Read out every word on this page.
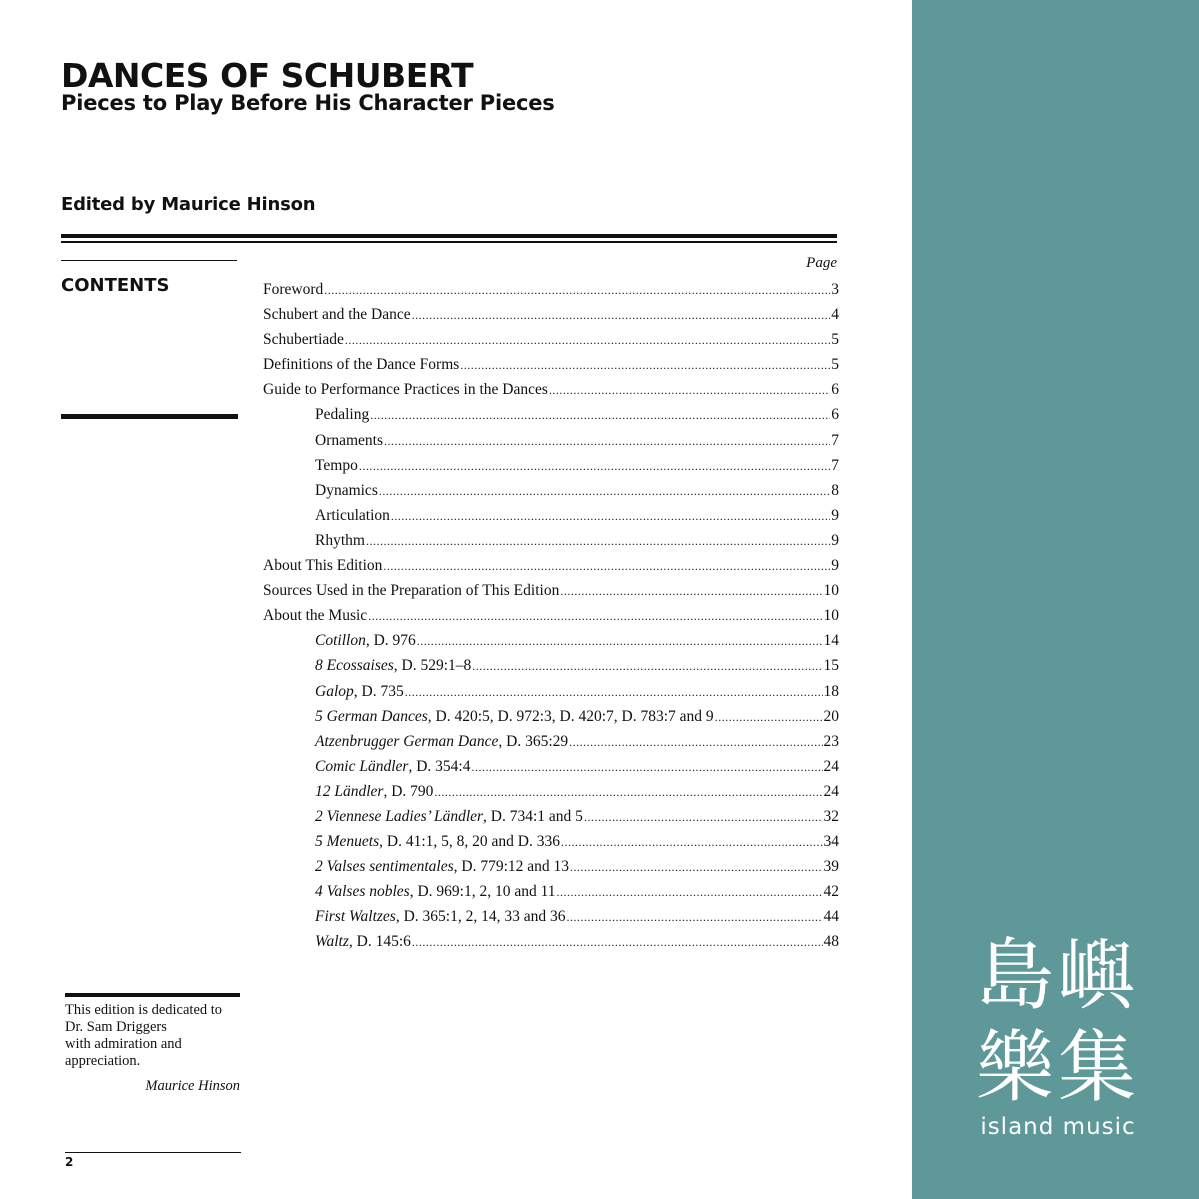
DANCES OF SCHUBERT
Pieces to Play Before His Character Pieces
Edited by Maurice Hinson
CONTENTS
Page
Foreword .....	3
Schubert and the Dance .....	4
Schubertiade .....	5
Definitions of the Dance Forms .....	5
Guide to Performance Practices in the Dances .....	6
Pedaling .....	6
Ornaments .....	7
Tempo .....	7
Dynamics .....	8
Articulation .....	9
Rhythm .....	9
About This Edition .....	9
Sources Used in the Preparation of This Edition .....	10
About the Music .....	10
Cotillon, D. 976 .....	14
8 Ecossaises, D. 529:1–8 .....	15
Galop, D. 735 .....	18
5 German Dances, D. 420:5, D. 972:3, D. 420:7, D. 783:7 and 9 .....	20
Atzenbrugger German Dance, D. 365:29 .....	23
Comic Ländler, D. 354:4 .....	24
12 Ländler, D. 790 .....	24
2 Viennese Ladies’ Ländler, D. 734:1 and 5 .....	32
5 Menuets, D. 41:1, 5, 8, 20 and D. 336 .....	34
2 Valses sentimentales, D. 779:12 and 13 .....	39
4 Valses nobles, D. 969:1, 2, 10 and 11 .....	42
First Waltzes, D. 365:1, 2, 14, 33 and 36 .....	44
Waltz, D. 145:6 .....	48
This edition is dedicated to
Dr. Sam Driggers
with admiration and
appreciation.
Maurice Hinson
2
島嶼
樂集
island music
